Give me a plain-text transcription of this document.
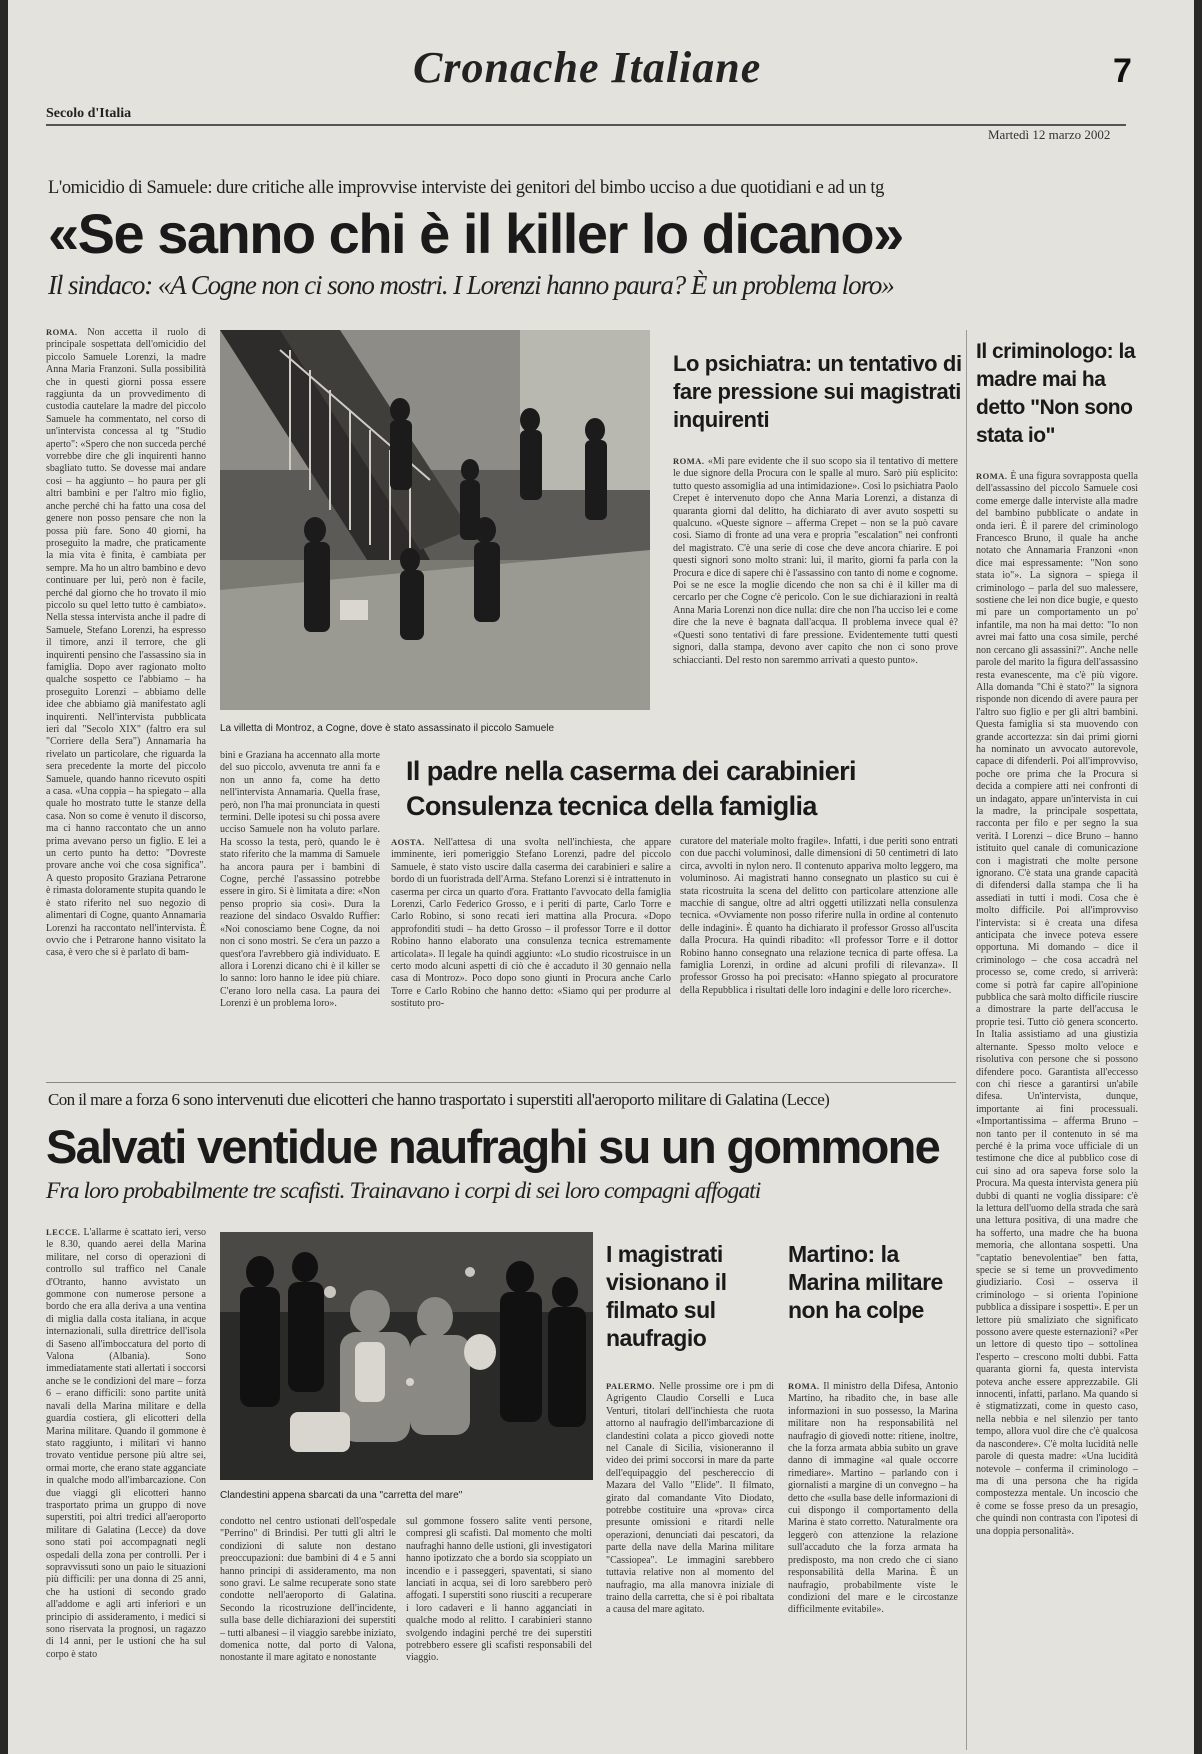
Cronache Italiane	7
Secolo d'Italia
Martedì 12 marzo 2002
L'omicidio di Samuele: dure critiche alle improvvise interviste dei genitori del bimbo ucciso a due quotidiani e ad un tg
«Se sanno chi è il killer lo dicano»
Il sindaco: «A Cogne non ci sono mostri. I Lorenzi hanno paura? È un problema loro»
La villetta di Montroz, a Cogne, dove è stato assassinato il piccolo Samuele

ROMA. Non accetta il ruolo di principale sospettata dell'omicidio del piccolo Samuele Lorenzi, la madre Anna Maria Franzoni. Sulla possibilità che in questi giorni possa essere raggiunta da un provvedimento di custodia cautelare la madre del piccolo Samuele ha commentato, nel corso di un'intervista concessa al tg "Studio aperto": «Spero che non succeda perché vorrebbe dire che gli inquirenti hanno sbagliato tutto. Se dovesse mai andare così – ha aggiunto – ho paura per gli altri bambini e per l'altro mio figlio, anche perché chi ha fatto una cosa del genere non posso pensare che non la possa più fare. Sono 40 giorni, ha proseguito la madre, che praticamente la mia vita è finita, è cambiata per sempre. Ma ho un altro bambino e devo continuare per lui, però non è facile, perché dal giorno che ho trovato il mio piccolo su quel letto tutto è cambiato». Nella stessa intervista anche il padre di Samuele, Stefano Lorenzi, ha espresso il timore, anzi il terrore, che gli inquirenti pensino che l'assassino sia in famiglia. Dopo aver ragionato molto qualche sospetto ce l'abbiamo – ha proseguito Lorenzi – abbiamo delle idee che abbiamo già manifestato agli inquirenti. Nell'intervista pubblicata ieri dal "Secolo XIX" (faltro era sul "Corriere della Sera") Annamaria ha rivelato un particolare, che riguarda la sera precedente la morte del piccolo Samuele, quando hanno ricevuto ospiti a casa. «Una coppia – ha spiegato – alla quale ho mostrato tutte le stanze della casa. Non so come è venuto il discorso, ma ci hanno raccontato che un anno prima avevano perso un figlio. E lei a un certo punto ha detto: "Dovreste provare anche voi che cosa significa". A questo proposito Graziana Petrarone è rimasta doloramente stupita quando le è stato riferito nel suo negozio di alimentari di Cogne, quanto Annamaria Lorenzi ha raccontato nell'intervista. È ovvio che i Petrarone hanno visitato la casa, è vero che si è parlato di bam-

bini e Graziana ha accennato alla morte del suo piccolo, avvenuta tre anni fa e non un anno fa, come ha detto nell'intervista Annamaria. Quella frase, però, non l'ha mai pronunciata in questi termini. Delle ipotesi su chi possa avere ucciso Samuele non ha voluto parlare. Ha scosso la testa, però, quando le è stato riferito che la mamma di Samuele ha ancora paura per i bambini di Cogne, perché l'assassino potrebbe essere in giro. Si è limitata a dire: «Non penso proprio sia così». Dura la reazione del sindaco Osvaldo Ruffier: «Noi conosciamo bene Cogne, da noi non ci sono mostri. Se c'era un pazzo a quest'ora l'avrebbero già individuato. E allora i Lorenzi dicano chi è il killer se lo sanno: loro hanno le idee più chiare. C'erano loro nella casa. La paura dei Lorenzi è un problema loro».

Lo psichiatra: un tentativo di fare pressione sui magistrati inquirenti

ROMA. «Mi pare evidente che il suo scopo sia il tentativo di mettere le due signore della Procura con le spalle al muro. Sarò più esplicito: tutto questo assomiglia ad una intimidazione». Così lo psichiatra Paolo Crepet è intervenuto dopo che Anna Maria Lorenzi, a distanza di quaranta giorni dal delitto, ha dichiarato di aver avuto sospetti su qualcuno. «Queste signore – afferma Crepet – non se la può cavare così. Siamo di fronte ad una vera e propria "escalation" nei confronti del magistrato. C'è una serie di cose che deve ancora chiarire. E poi questi signori sono molto strani: lui, il marito, giorni fa parla con la Procura e dice di sapere chi è l'assassino con tanto di nome e cognome. Poi se ne esce la moglie dicendo che non sa chi è il killer ma di cercarlo per che Cogne c'è pericolo. Con le sue dichiarazioni in realtà Anna Maria Lorenzi non dice nulla: dire che non l'ha ucciso lei e come dire che la neve è bagnata dall'acqua. Il problema invece qual è? «Questi sono tentativi di fare pressione. Evidentemente tutti questi signori, dalla stampa, devono aver capito che non ci sono prove schiaccianti. Del resto non saremmo arrivati a questo punto».

Il criminologo: la madre mai ha detto "Non sono stata io"

ROMA. È una figura sovrapposta quella dell'assassino del piccolo Samuele così come emerge dalle interviste alla madre del bambino pubblicate o andate in onda ieri. È il parere del criminologo Francesco Bruno, il quale ha anche notato che Annamaria Franzoni «non dice mai espressamente: "Non sono stata io"». La signora – spiega il criminologo – parla del suo malessere, sostiene che lei non dice bugie, e questo mi pare un comportamento un po' infantile, ma non ha mai detto: "Io non avrei mai fatto una cosa simile, perché non cercano gli assassini?". Anche nelle parole del marito la figura dell'assassino resta evanescente, ma c'è più vigore. Alla domanda "Chi è stato?" la signora risponde non dicendo di avere paura per l'altro suo figlio e per gli altri bambini. Questa famiglia si sta muovendo con grande accortezza: sin dai primi giorni ha nominato un avvocato autorevole, capace di difenderli. Poi all'improvviso, poche ore prima che la Procura si decida a compiere atti nei confronti di un indagato, appare un'intervista in cui la madre, la principale sospettata, racconta per filo e per segno la sua verità. I Lorenzi – dice Bruno – hanno istituito quel canale di comunicazione con i magistrati che molte persone ignorano. C'è stata una grande capacità di difendersi dalla stampa che li ha assediati in tutti i modi. Cosa che è molto difficile. Poi all'improvviso l'intervista: si è creata una difesa anticipata che invece poteva essere opportuna. Mi domando – dice il criminologo – che cosa accadrà nel processo se, come credo, si arriverà: come si potrà far capire all'opinione pubblica che sarà molto difficile riuscire a dimostrare la parte dell'accusa le proprie tesi. Tutto ciò genera sconcerto. In Italia assistiamo ad una giustizia alternante. Spesso molto veloce e risolutiva con persone che si possono difendere poco. Garantista all'eccesso con chi riesce a garantirsi un'abile difesa. Un'intervista, dunque, importante ai fini processuali. «Importantissima – afferma Bruno – non tanto per il contenuto in sé ma perché è la prima voce ufficiale di un testimone che dice al pubblico cose di cui sino ad ora sapeva forse solo la Procura. Ma questa intervista genera più dubbi di quanti ne voglia dissipare: c'è la lettura dell'uomo della strada che sarà una lettura positiva, di una madre che ha sofferto, una madre che ha buona memoria, che allontana sospetti. Una "captatio benevolentiae" ben fatta, specie se si teme un provvedimento giudiziario. Così – osserva il criminologo – si orienta l'opinione pubblica a dissipare i sospetti». E per un lettore più smaliziato che significato possono avere queste esternazioni? «Per un lettore di questo tipo – sottolinea l'esperto – crescono molti dubbi. Fatta quaranta giorni fa, questa intervista poteva anche essere apprezzabile. Gli innocenti, infatti, parlano. Ma quando si è stigmatizzati, come in questo caso, nella nebbia e nel silenzio per tanto tempo, allora vuol dire che c'è qualcosa da nascondere». C'è molta lucidità nelle parole di questa madre: «Una lucidità notevole – conferma il criminologo – ma di una persona che ha rigida compostezza mentale. Un incoscio che è come se fosse preso da un presagio, che quindi non contrasta con l'ipotesi di una doppia personalità».

Il padre nella caserma dei carabinieri
Consulenza tecnica della famiglia

AOSTA. Nell'attesa di una svolta nell'inchiesta, che appare imminente, ieri pomeriggio Stefano Lorenzi, padre del piccolo Samuele, è stato visto uscire dalla caserma dei carabinieri e salire a bordo di un fuoristrada dell'Arma. Stefano Lorenzi si è intrattenuto in caserma per circa un quarto d'ora. Frattanto l'avvocato della famiglia Lorenzi, Carlo Federico Grosso, e i periti di parte, Carlo Torre e Carlo Robino, si sono recati ieri mattina alla Procura. «Dopo approfonditi studi – ha detto Grosso – il professor Torre e il dottor Robino hanno elaborato una consulenza tecnica estremamente articolata». Il legale ha quindi aggiunto: «Lo studio ricostruisce in un certo modo alcuni aspetti di ciò che è accaduto il 30 gennaio nella casa di Montroz». Poco dopo sono giunti in Procura anche Carlo Torre e Carlo Robino che hanno detto: «Siamo qui per produrre al sostituto pro-

curatore del materiale molto fragile». Infatti, i due periti sono entrati con due pacchi voluminosi, dalle dimensioni di 50 centimetri di lato circa, avvolti in nylon nero. Il contenuto appariva molto leggero, ma voluminoso. Ai magistrati hanno consegnato un plastico su cui è stata ricostruita la scena del delitto con particolare attenzione alle macchie di sangue, oltre ad altri oggetti utilizzati nella consulenza tecnica. «Ovviamente non posso riferire nulla in ordine al contenuto delle indagini». È quanto ha dichiarato il professor Grosso all'uscita dalla Procura. Ha quindi ribadito: «Il professor Torre e il dottor Robino hanno consegnato una relazione tecnica di parte offesa. La famiglia Lorenzi, in ordine ad alcuni profili di rilevanza». Il professor Grosso ha poi precisato: «Hanno spiegato al procuratore della Repubblica i risultati delle loro indagini e delle loro ricerche».

Con il mare a forza 6 sono intervenuti due elicotteri che hanno trasportato i superstiti all'aeroporto militare di Galatina (Lecce)
Salvati ventidue naufraghi su un gommone
Fra loro probabilmente tre scafisti. Trainavano i corpi di sei loro compagni affogati
Clandestini appena sbarcati da una "carretta del mare"

LECCE. L'allarme è scattato ieri, verso le 8.30, quando aerei della Marina militare, nel corso di operazioni di controllo sul traffico nel Canale d'Otranto, hanno avvistato un gommone con numerose persone a bordo che era alla deriva a una ventina di miglia dalla costa italiana, in acque internazionali, sulla direttrice dell'isola di Saseno all'imboccatura del porto di Valona (Albania). Sono immediatamente stati allertati i soccorsi anche se le condizioni del mare – forza 6 – erano difficili: sono partite unità navali della Marina militare e della guardia costiera, gli elicotteri della Marina militare. Quando il gommone è stato raggiunto, i militari vi hanno trovato ventidue persone più altre sei, ormai morte, che erano state agganciate in qualche modo all'imbarcazione. Con due viaggi gli elicotteri hanno trasportato prima un gruppo di nove superstiti, poi altri tredici all'aeroporto militare di Galatina (Lecce) da dove sono stati poi accompagnati negli ospedali della zona per controlli. Per i sopravvissuti sono un paio le situazioni più difficili: per una donna di 25 anni, che ha ustioni di secondo grado all'addome e agli arti inferiori e un principio di assideramento, i medici si sono riservata la prognosi, un ragazzo di 14 anni, per le ustioni che ha sul corpo è stato

condotto nel centro ustionati dell'ospedale "Perrino" di Brindisi. Per tutti gli altri le condizioni di salute non destano preoccupazioni: due bambini di 4 e 5 anni hanno principi di assideramento, ma non sono gravi. Le salme recuperate sono state condotte nell'aeroporto di Galatina. Secondo la ricostruzione dell'incidente, sulla base delle dichiarazioni dei superstiti – tutti albanesi – il viaggio sarebbe iniziato, domenica notte, dal porto di Valona, nonostante il mare agitato e nonostante

sul gommone fossero salite venti persone, compresi gli scafisti. Dal momento che molti naufraghi hanno delle ustioni, gli investigatori hanno ipotizzato che a bordo sia scoppiato un incendio e i passeggeri, spaventati, si siano lanciati in acqua, sei di loro sarebbero però affogati. I superstiti sono riusciti a recuperare i loro cadaveri e li hanno agganciati in qualche modo al relitto. I carabinieri stanno svolgendo indagini perché tre dei superstiti potrebbero essere gli scafisti responsabili del viaggio.

I magistrati visionano il filmato sul naufragio

PALERMO. Nelle prossime ore i pm di Agrigento Claudio Corselli e Luca Venturi, titolari dell'inchiesta che ruota attorno al naufragio dell'imbarcazione di clandestini colata a picco giovedì notte nel Canale di Sicilia, visioneranno il video dei primi soccorsi in mare da parte dell'equipaggio del peschereccio di Mazara del Vallo "Elide". Il filmato, girato dal comandante Vito Diodato, potrebbe costituire una «prova» circa presunte omissioni e ritardi nelle operazioni, denunciati dai pescatori, da parte della nave della Marina militare "Cassiopea". Le immagini sarebbero tuttavia relative non al momento del naufragio, ma alla manovra iniziale di traino della carretta, che si è poi ribaltata a causa del mare agitato.

Martino: la Marina militare non ha colpe

ROMA. Il ministro della Difesa, Antonio Martino, ha ribadito che, in base alle informazioni in suo possesso, la Marina militare non ha responsabilità nel naufragio di giovedì notte: ritiene, inoltre, che la forza armata abbia subito un grave danno di immagine «al quale occorre rimediare». Martino – parlando con i giornalisti a margine di un convegno – ha detto che «sulla base delle informazioni di cui dispongo il comportamento della Marina è stato corretto. Naturalmente ora leggerò con attenzione la relazione sull'accaduto che la forza armata ha predisposto, ma non credo che ci siano responsabilità della Marina. È un naufragio, probabilmente viste le condizioni del mare e le circostanze difficilmente evitabile».
